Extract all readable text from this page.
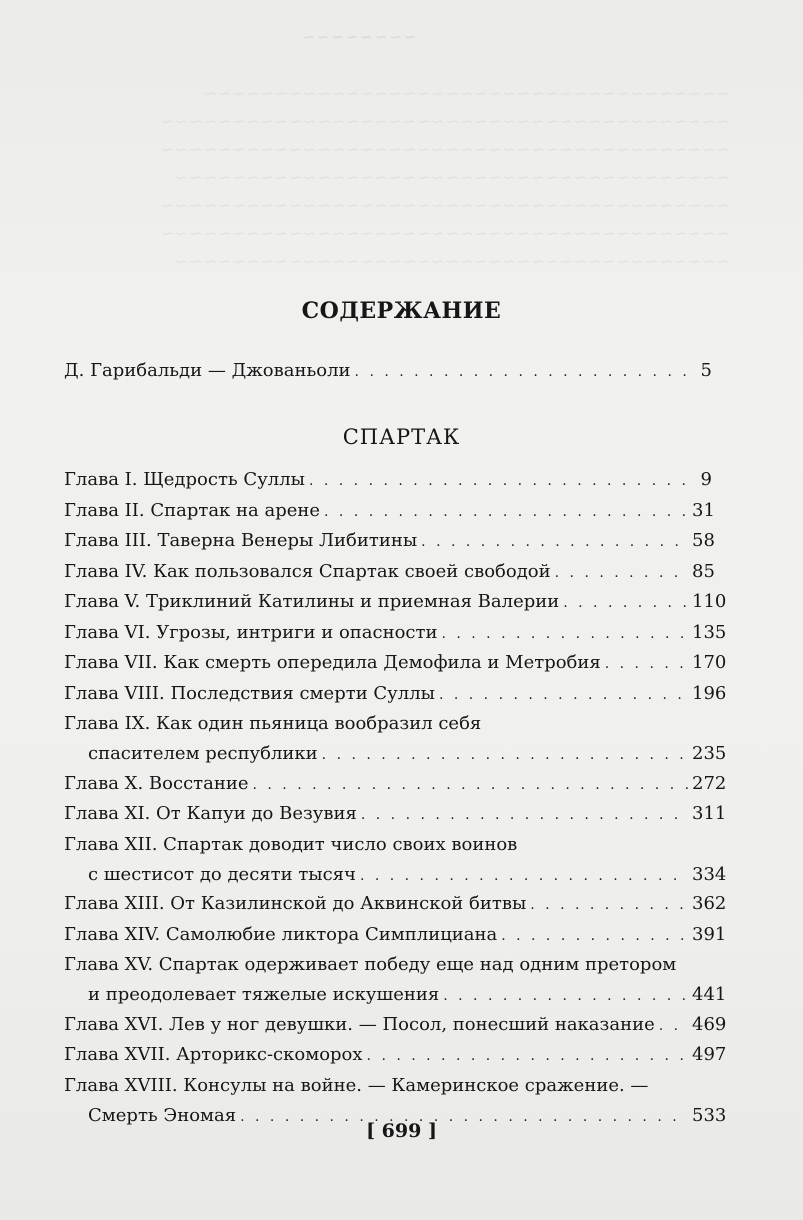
~~~~~~~~
~~~~~~~~~~~~~~~~~~~~~~~~~~~~~~~~~~~~~
~~~~~~~~~~~~~~~~~~~~~~~~~~~~~~~~~~~~~~~~
~~~~~~~~~~~~~~~~~~~~~~~~~~~~~~~~~~~~~~~~
~~~~~~~~~~~~~~~~~~~~~~~~~~~~~~~~~~~~~~~
~~~~~~~~~~~~~~~~~~~~~~~~~~~~~~~~~~~~~~~~
~~~~~~~~~~~~~~~~~~~~~~~~~~~~~~~~~~~~~~~~
~~~~~~~~~~~~~~~~~~~~~~~~~~~~~~~~~~~~~~~
СОДЕРЖАНИЕ
Д. Гарибальди — Джованьоли . . .	5
СПАРТАК
Глава I. Щедрость Суллы . . .	9
Глава II. Спартак на арене . . .	31
Глава III. Таверна Венеры Либитины . . .	58
Глава IV. Как пользовался Спартак своей свободой . . .	85
Глава V. Триклиний Катилины и приемная Валерии . . .	110
Глава VI. Угрозы, интриги и опасности . . .	135
Глава VII. Как смерть опередила Демофила и Метробия . . .	170
Глава VIII. Последствия смерти Суллы . . .	196
Глава IX. Как один пьяница вообразил себя
спасителем республики . . .	235
Глава X. Восстание . . .	272
Глава XI. От Капуи до Везувия . . .	311
Глава XII. Спартак доводит число своих воинов
с шестисот до десяти тысяч . . .	334
Глава XIII. От Казилинской до Аквинской битвы . . .	362
Глава XIV. Самолюбие ликтора Симплициана . . .	391
Глава XV. Спартак одерживает победу еще над одним претором
и преодолевает тяжелые искушения . . .	441
Глава XVI. Лев у ног девушки. — Посол, понесший наказание . . . 469
Глава XVII. Арторикс-скоморох . . .	497
Глава XVIII. Консулы на войне. — Камеринское сражение. —
Смерть Эномая . . .	533
[ 699 ]
